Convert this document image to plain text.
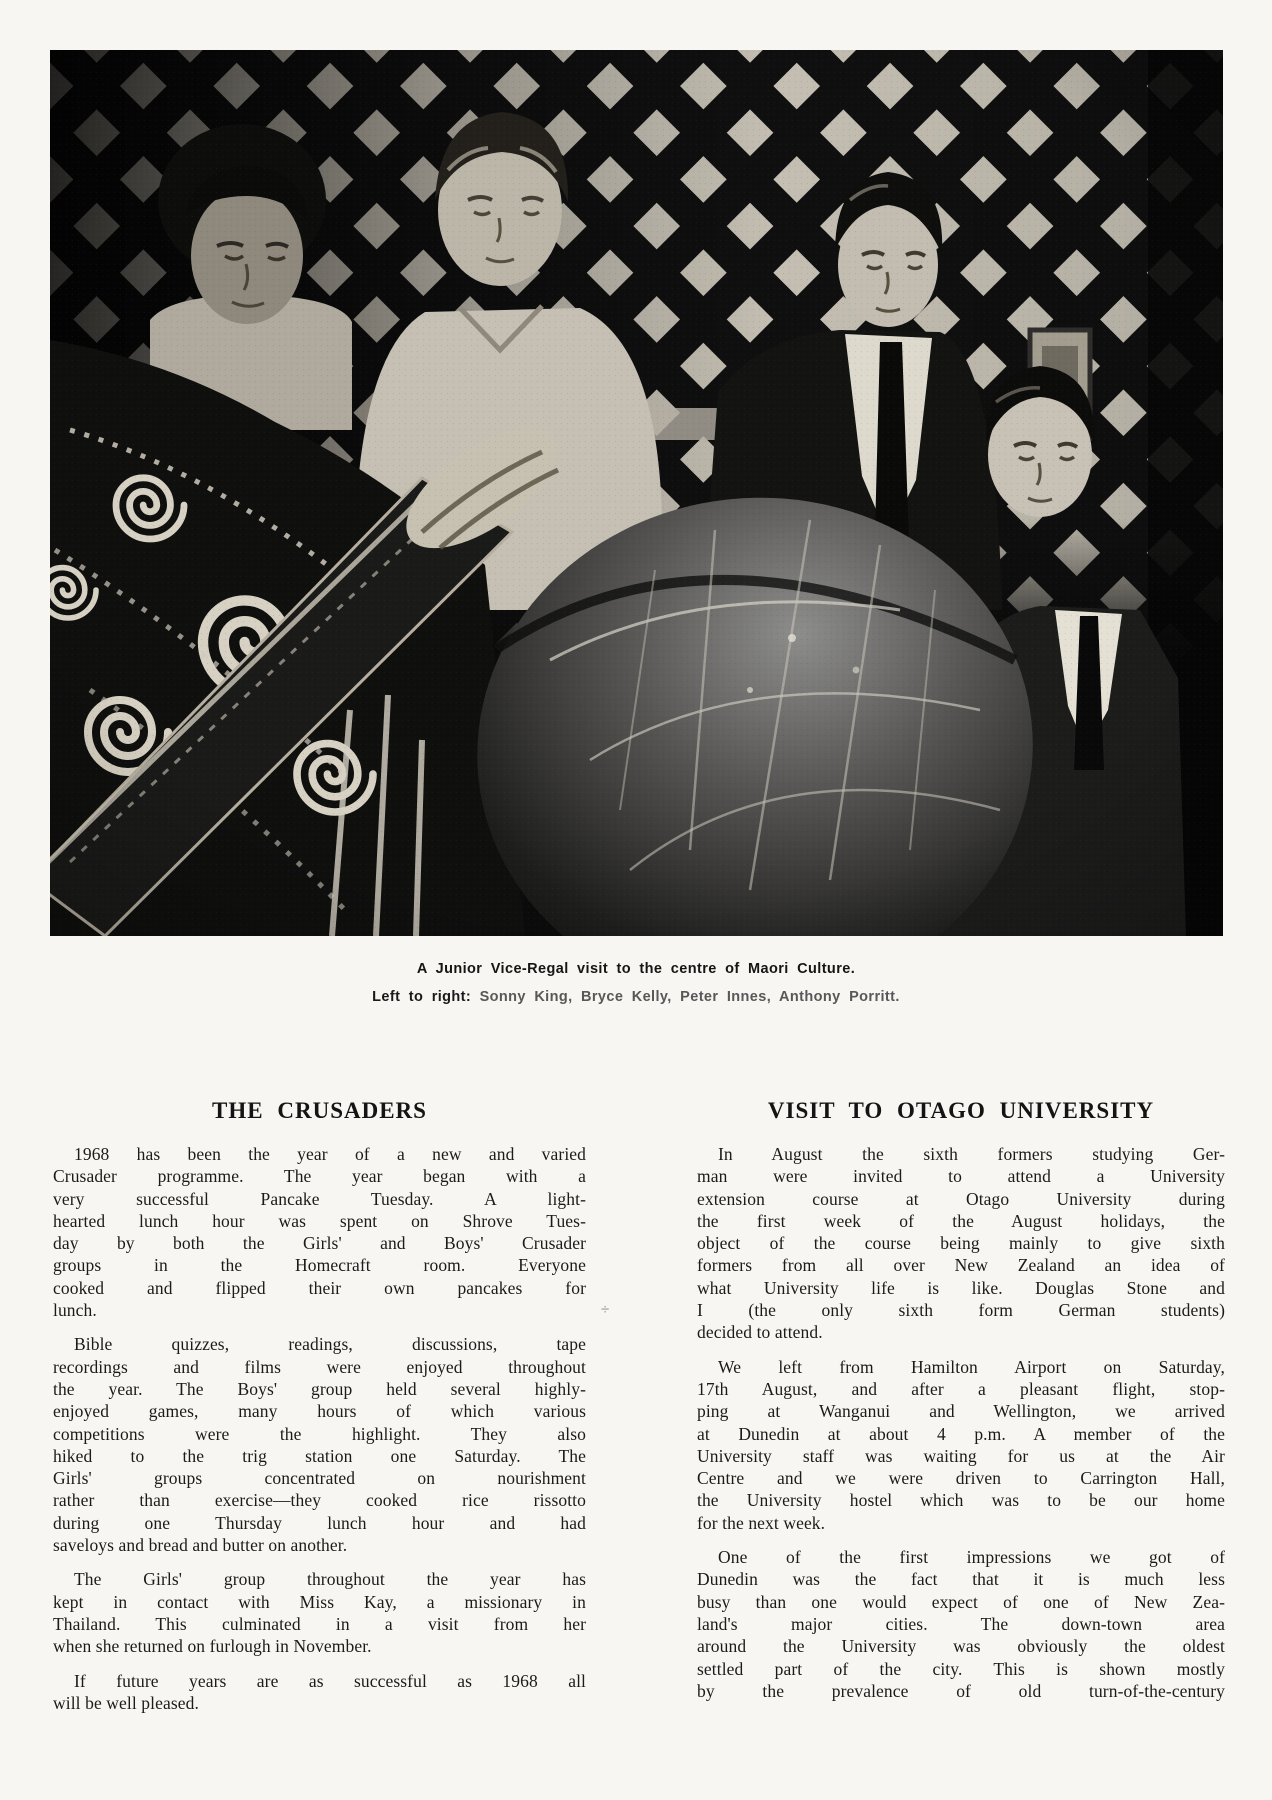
A Junior Vice-Regal visit to the centre of Maori Culture.
Left to right: Sonny King, Bryce Kelly, Peter Innes, Anthony Porritt.
÷
THE CRUSADERS
1968 has been the year of a new and varied
Crusader programme. The year began with a
very successful Pancake Tuesday. A light-
hearted lunch hour was spent on Shrove Tues-
day by both the Girls' and Boys' Crusader
groups in the Homecraft room. Everyone
cooked and flipped their own pancakes for
lunch.
Bible quizzes, readings, discussions, tape
recordings and films were enjoyed throughout
the year. The Boys' group held several highly-
enjoyed games, many hours of which various
competitions were the highlight. They also
hiked to the trig station one Saturday. The
Girls' groups concentrated on nourishment
rather than exercise—they cooked rice rissotto
during one Thursday lunch hour and had
saveloys and bread and butter on another.
The Girls' group throughout the year has
kept in contact with Miss Kay, a missionary in
Thailand. This culminated in a visit from her
when she returned on furlough in November.
If future years are as successful as 1968 all
will be well pleased.
VISIT TO OTAGO UNIVERSITY
In August the sixth formers studying Ger-
man were invited to attend a University
extension course at Otago University during
the first week of the August holidays, the
object of the course being mainly to give sixth
formers from all over New Zealand an idea of
what University life is like. Douglas Stone and
I (the only sixth form German students)
decided to attend.
We left from Hamilton Airport on Saturday,
17th August, and after a pleasant flight, stop-
ping at Wanganui and Wellington, we arrived
at Dunedin at about 4 p.m. A member of the
University staff was waiting for us at the Air
Centre and we were driven to Carrington Hall,
the University hostel which was to be our home
for the next week.
One of the first impressions we got of
Dunedin was the fact that it is much less
busy than one would expect of one of New Zea-
land's major cities. The down-town area
around the University was obviously the oldest
settled part of the city. This is shown mostly
by the prevalence of old turn-of-the-century
